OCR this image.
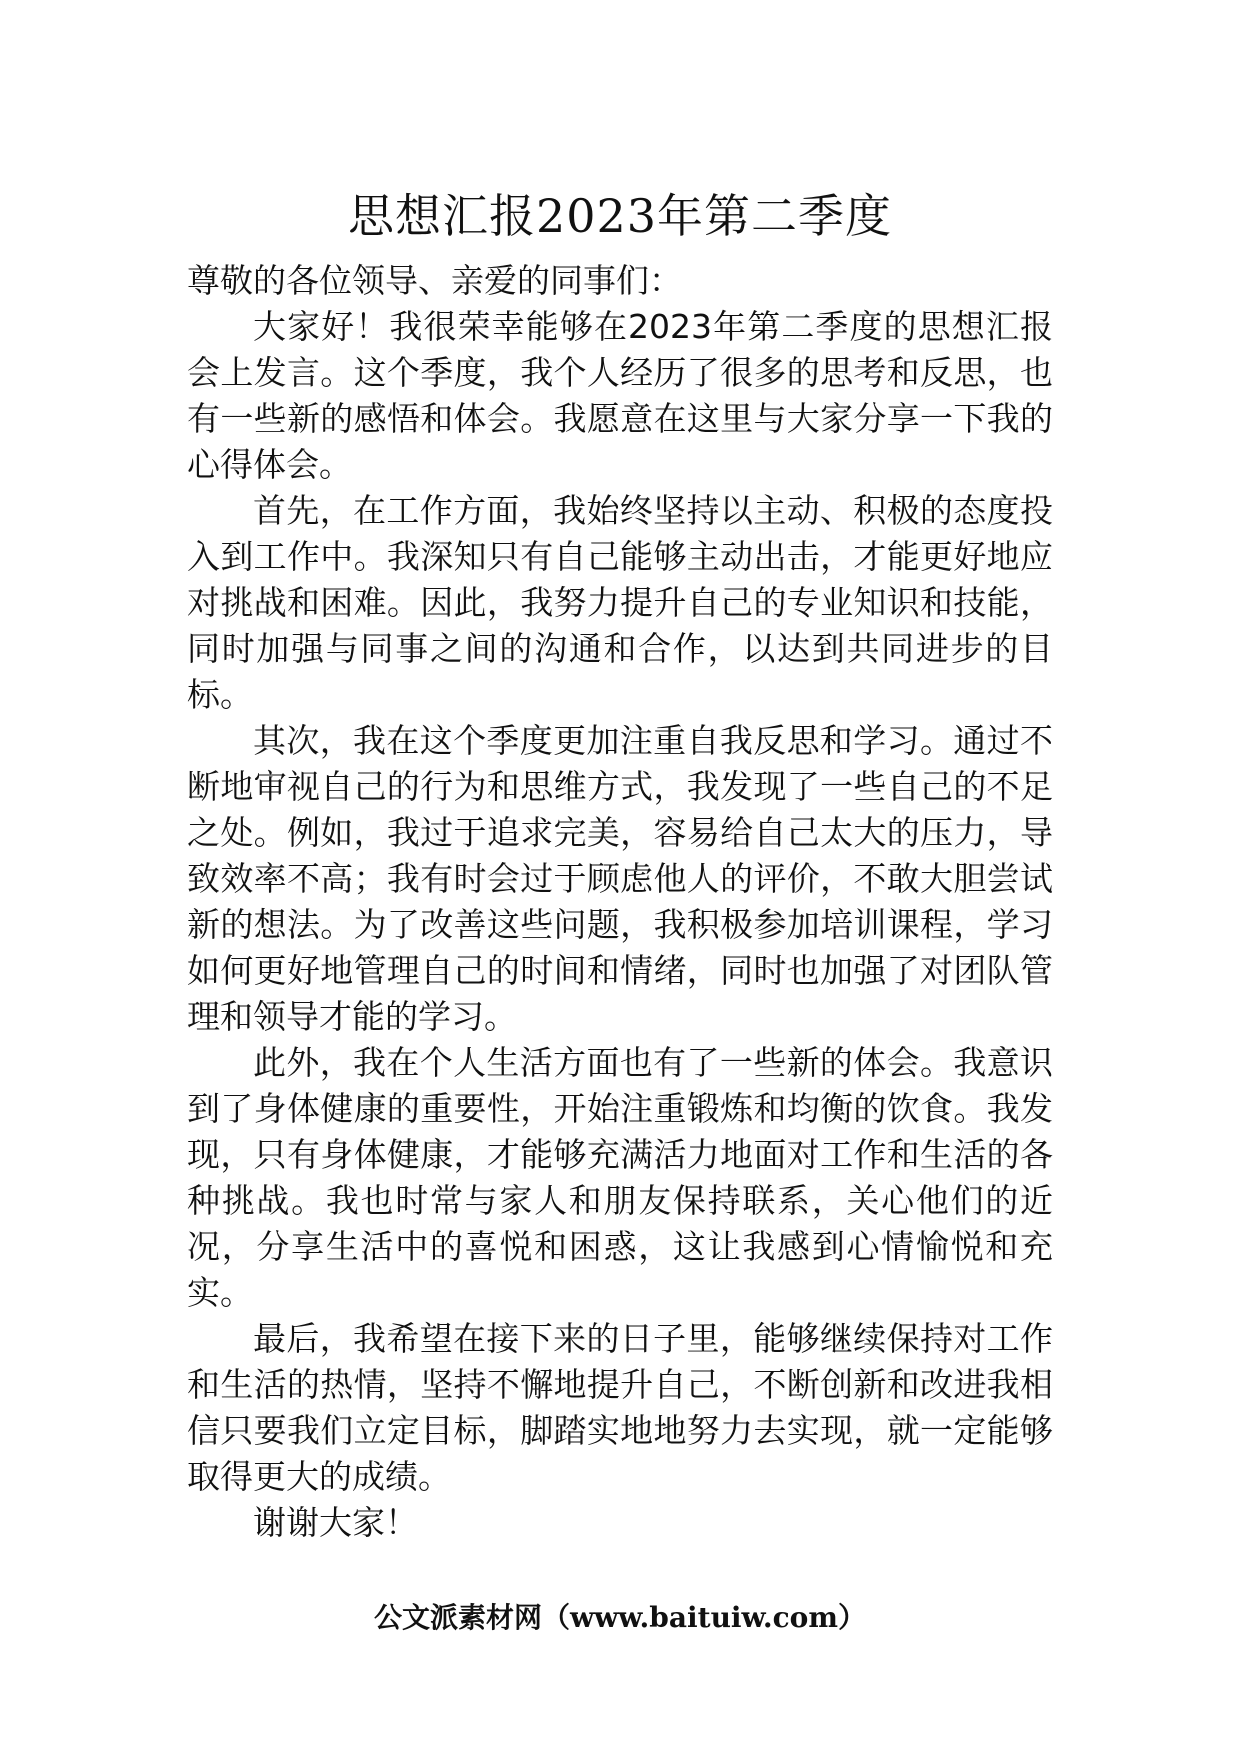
思想汇报2023年第二季度

尊敬的各位领导、亲爱的同事们：

大家好！我很荣幸能够在2023年第二季度的思想汇报会上发言。这个季度，我个人经历了很多的思考和反思，也有一些新的感悟和体会。我愿意在这里与大家分享一下我的心得体会。

首先，在工作方面，我始终坚持以主动、积极的态度投入到工作中。我深知只有自己能够主动出击，才能更好地应对挑战和困难。因此，我努力提升自己的专业知识和技能，同时加强与同事之间的沟通和合作，以达到共同进步的目标。

其次，我在这个季度更加注重自我反思和学习。通过不断地审视自己的行为和思维方式，我发现了一些自己的不足之处。例如，我过于追求完美，容易给自己太大的压力，导致效率不高；我有时会过于顾虑他人的评价，不敢大胆尝试新的想法。为了改善这些问题，我积极参加培训课程，学习如何更好地管理自己的时间和情绪，同时也加强了对团队管理和领导才能的学习。

此外，我在个人生活方面也有了一些新的体会。我意识到了身体健康的重要性，开始注重锻炼和均衡的饮食。我发现，只有身体健康，才能够充满活力地面对工作和生活的各种挑战。我也时常与家人和朋友保持联系，关心他们的近况，分享生活中的喜悦和困惑，这让我感到心情愉悦和充实。

最后，我希望在接下来的日子里，能够继续保持对工作和生活的热情，坚持不懈地提升自己，不断创新和改进我相信只要我们立定目标，脚踏实地地努力去实现，就一定能够取得更大的成绩。

谢谢大家！

公文派素材网（www.baituiw.com）
